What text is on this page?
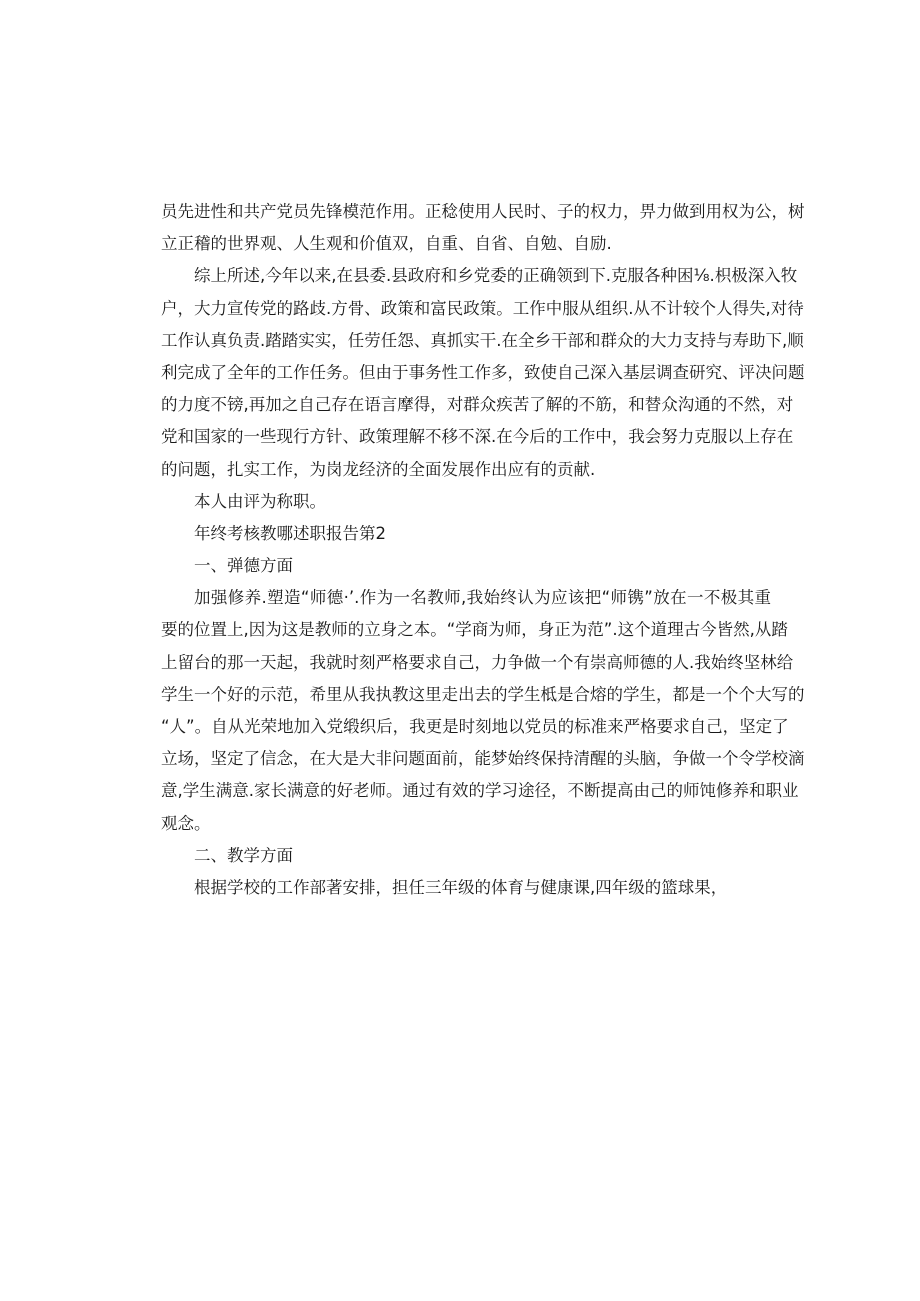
员先进性和共产党员先锋模范作用。正稔使用人民时、子的权力，畀力做到用权为公，树
立正稽的世界观、人生观和价值双，自重、自省、自勉、自励.
综上所述,今年以来,在县委.县政府和乡党委的正确领到下.克服各种困⅛.枳极深入牧
户，大力宣传党的路歧.方骨、政策和富民政策。工作中服从组织.从不计较个人得失,对待
工作认真负责.踏踏实实，任劳任怨、真抓实干.在全乡干部和群众的大力支持与寿助下,顺
利完成了全年的工作任务。但由于事务性工作多，致使自己深入基层调查研究、评决问题
的力度不镑,再加之自己存在语言摩得，对群众疾苦了解的不筋，和替众沟通的不然，对
党和国家的一些现行方针、政策理解不移不深.在今后的工作中，我会努力克服以上存在
的问题，扎实工作，为岗龙经济的全面发展作出应有的贡献.
本人由评为称职。
年终考核教哪述职报告第2
一、弹德方面
加强修养.塑造“师德·’.作为一名教师,我始终认为应该把“师镌”放在一不极其重
要的位置上,因为这是教师的立身之本。“学商为师，身正为范”.这个道理古今皆然,从踏
上留台的那一天起，我就时刻严格要求自己，力争做一个有崇高师德的人.我始终坚林给
学生一个好的示范，希里从我执教这里走出去的学生柢是合熔的学生，都是一个个大写的
“人”。自从光荣地加入党缎织后，我更是时刻地以党员的标准来严格要求自己，坚定了
立场，坚定了信念，在大是大非问题面前，能梦始终保持清醒的头脑，争做一个令学校滴
意,学生满意.家长满意的好老师。通过有效的学习途径，不断提高由己的师饨修养和职业
观念。
二、教学方面
根据学校的工作部著安排，担任三年级的体育与健康课,四年级的篮球果，
